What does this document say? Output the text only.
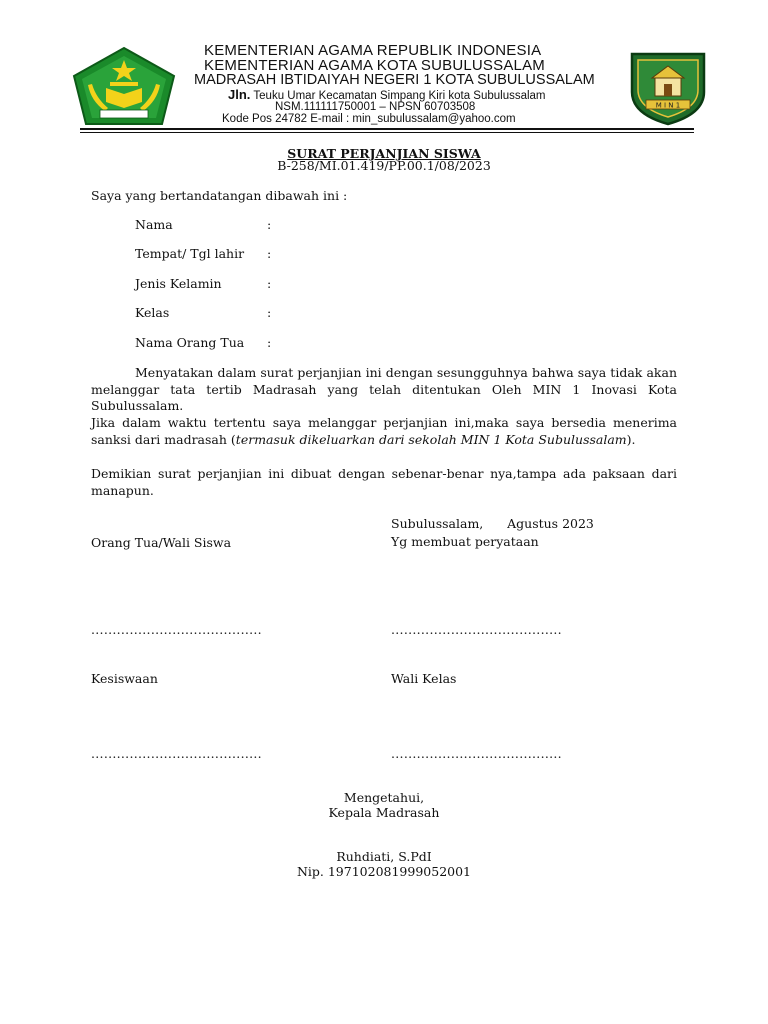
M I N 1
KEMENTERIAN AGAMA REPUBLIK INDONESIA
KEMENTERIAN AGAMA KOTA SUBULUSSALAM
MADRASAH IBTIDAIYAH NEGERI 1 KOTA SUBULUSSALAM
Jln. Teuku Umar Kecamatan Simpang Kiri kota Subulussalam
NSM.111111750001 – NPSN 60703508
Kode Pos 24782 E-mail : min_subulussalam@yahoo.com
SURAT PERJANJIAN SISWA
B-258/MI.01.419/PP.00.1/08/2023
Saya yang bertandatangan dibawah ini :
Nama	:
Tempat/ Tgl lahir :
Jenis Kelamin	:
Kelas	:
Nama Orang Tua :
Menyatakan dalam surat perjanjian ini dengan sesungguhnya bahwa saya tidak akan melanggar tata tertib Madrasah yang telah ditentukan Oleh MIN 1 Inovasi Kota Subulussalam.
Jika dalam waktu tertentu saya melanggar perjanjian ini,maka saya bersedia menerima sanksi dari madrasah (termasuk dikeluarkan dari sekolah MIN 1 Kota Subulussalam).
Demikian surat perjanjian ini dibuat dengan sebenar-benar nya,tampa ada paksaan dari manapun.
Subulussalam,      Agustus 2023
Orang Tua/Wali Siswa	Yg membuat peryataan
........................................	........................................
Kesiswaan	Wali Kelas
........................................	........................................
Mengetahui,
Kepala Madrasah
Ruhdiati, S.PdI
Nip. 197102081999052001
